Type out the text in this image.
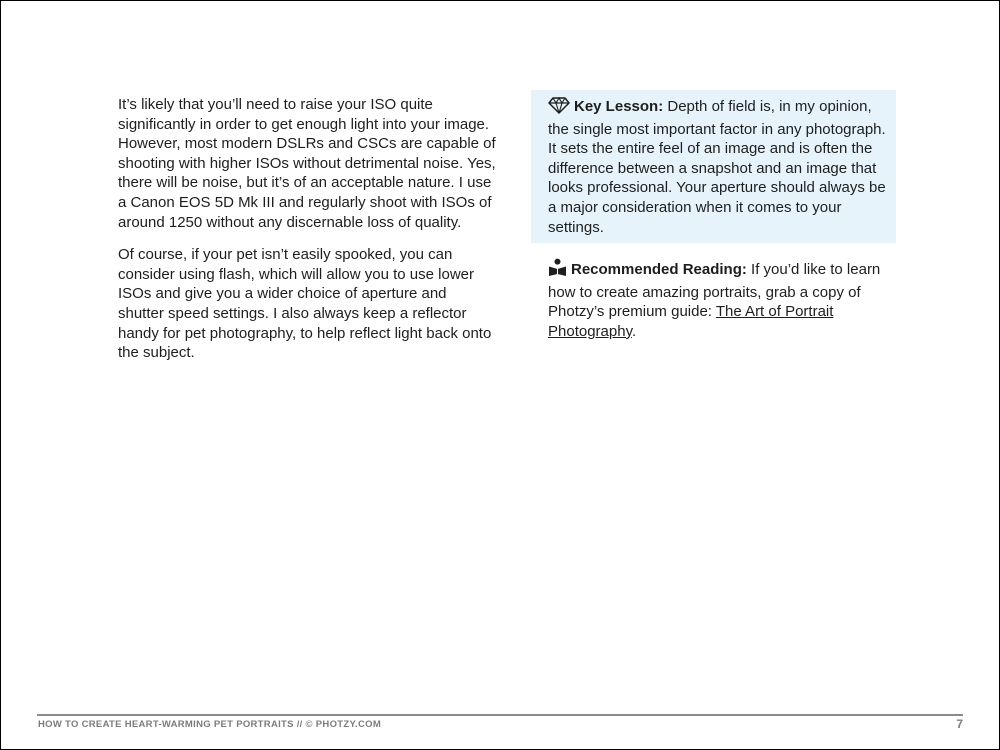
It’s likely that you’ll need to raise your ISO quite significantly in order to get enough light into your image. However, most modern DSLRs and CSCs are capable of shooting with higher ISOs without detrimental noise. Yes, there will be noise, but it’s of an acceptable nature. I use a Canon EOS 5D Mk III and regularly shoot with ISOs of around 1250 without any discernable loss of quality.

Of course, if your pet isn’t easily spooked, you can consider using flash, which will allow you to use lower ISOs and give you a wider choice of aperture and shutter speed settings. I also always keep a reflector handy for pet photography, to help reflect light back onto the subject.

Key Lesson: Depth of field is, in my opinion, the single most important factor in any photograph. It sets the entire feel of an image and is often the difference between a snapshot and an image that looks professional. Your aperture should always be a major consideration when it comes to your settings.
Recommended Reading: If you’d like to learn how to create amazing portraits, grab a copy of Photzy’s premium guide: The Art of Portrait Photography.
HOW TO CREATE HEART-WARMING PET PORTRAITS // © PHOTZY.COM	7
